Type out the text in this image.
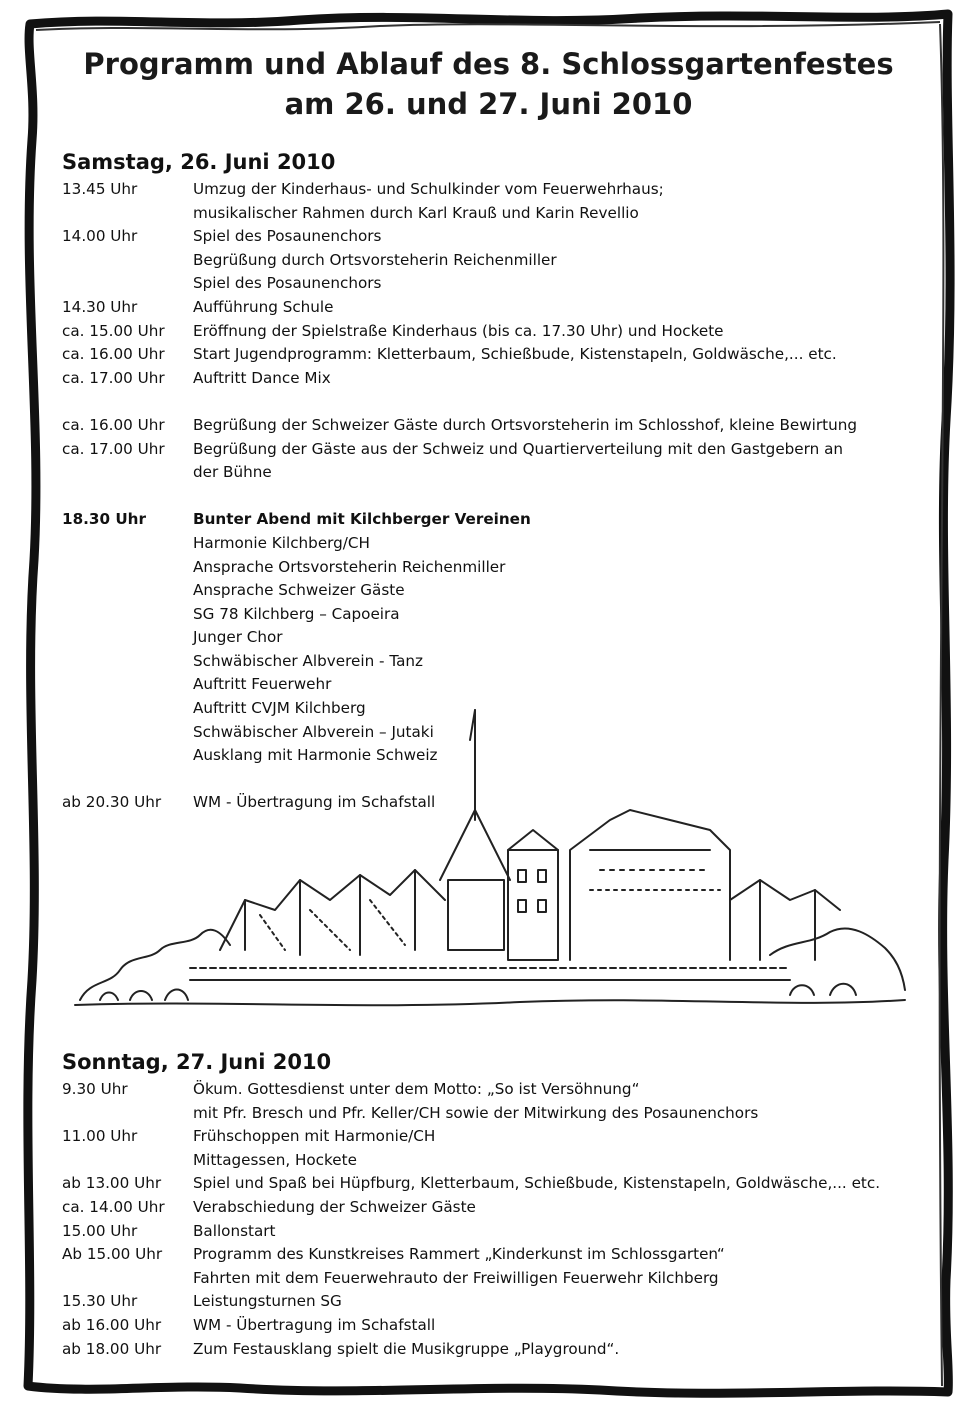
Programm und Ablauf des 8. Schlossgartenfestes
am 26. und 27. Juni 2010
Samstag, 26. Juni 2010
13.45 Uhr	Umzug der Kinderhaus- und Schulkinder vom Feuerwehrhaus;
musikalischer Rahmen durch Karl Krauß und Karin Revellio
14.00 Uhr	Spiel des Posaunenchors
Begrüßung durch Ortsvorsteherin Reichenmiller
Spiel des Posaunenchors
14.30 Uhr	Aufführung Schule
ca. 15.00 Uhr	Eröffnung der Spielstraße Kinderhaus (bis ca. 17.30 Uhr) und Hockete
ca. 16.00 Uhr	Start Jugendprogramm: Kletterbaum, Schießbude, Kistenstapeln, Goldwäsche,... etc.
ca. 17.00 Uhr	Auftritt Dance Mix
ca. 16.00 Uhr	Begrüßung der Schweizer Gäste durch Ortsvorsteherin im Schlosshof, kleine Bewirtung
ca. 17.00 Uhr	Begrüßung der Gäste aus der Schweiz und Quartierverteilung mit den Gastgebern an
der Bühne
18.30 Uhr	Bunter Abend mit Kilchberger Vereinen
Harmonie Kilchberg/CH
Ansprache Ortsvorsteherin Reichenmiller
Ansprache Schweizer Gäste
SG 78 Kilchberg – Capoeira
Junger Chor
Schwäbischer Albverein - Tanz
Auftritt Feuerwehr
Auftritt CVJM Kilchberg
Schwäbischer Albverein – Jutaki
Ausklang mit Harmonie Schweiz
ab 20.30 Uhr	WM - Übertragung im Schafstall
Sonntag, 27. Juni 2010
9.30 Uhr	Ökum. Gottesdienst unter dem Motto: „So ist Versöhnung“
mit Pfr. Bresch und Pfr. Keller/CH sowie der Mitwirkung des Posaunenchors
11.00 Uhr	Frühschoppen mit Harmonie/CH
Mittagessen, Hockete
ab 13.00 Uhr	Spiel und Spaß bei Hüpfburg, Kletterbaum, Schießbude, Kistenstapeln, Goldwäsche,... etc.
ca. 14.00 Uhr	Verabschiedung der Schweizer Gäste
15.00 Uhr	Ballonstart
Ab 15.00 Uhr	Programm des Kunstkreises Rammert „Kinderkunst im Schlossgarten“
Fahrten mit dem Feuerwehrauto der Freiwilligen Feuerwehr Kilchberg
15.30 Uhr	Leistungsturnen SG
ab 16.00 Uhr	WM - Übertragung im Schafstall
ab 18.00 Uhr	Zum Festausklang spielt die Musikgruppe „Playground“.
